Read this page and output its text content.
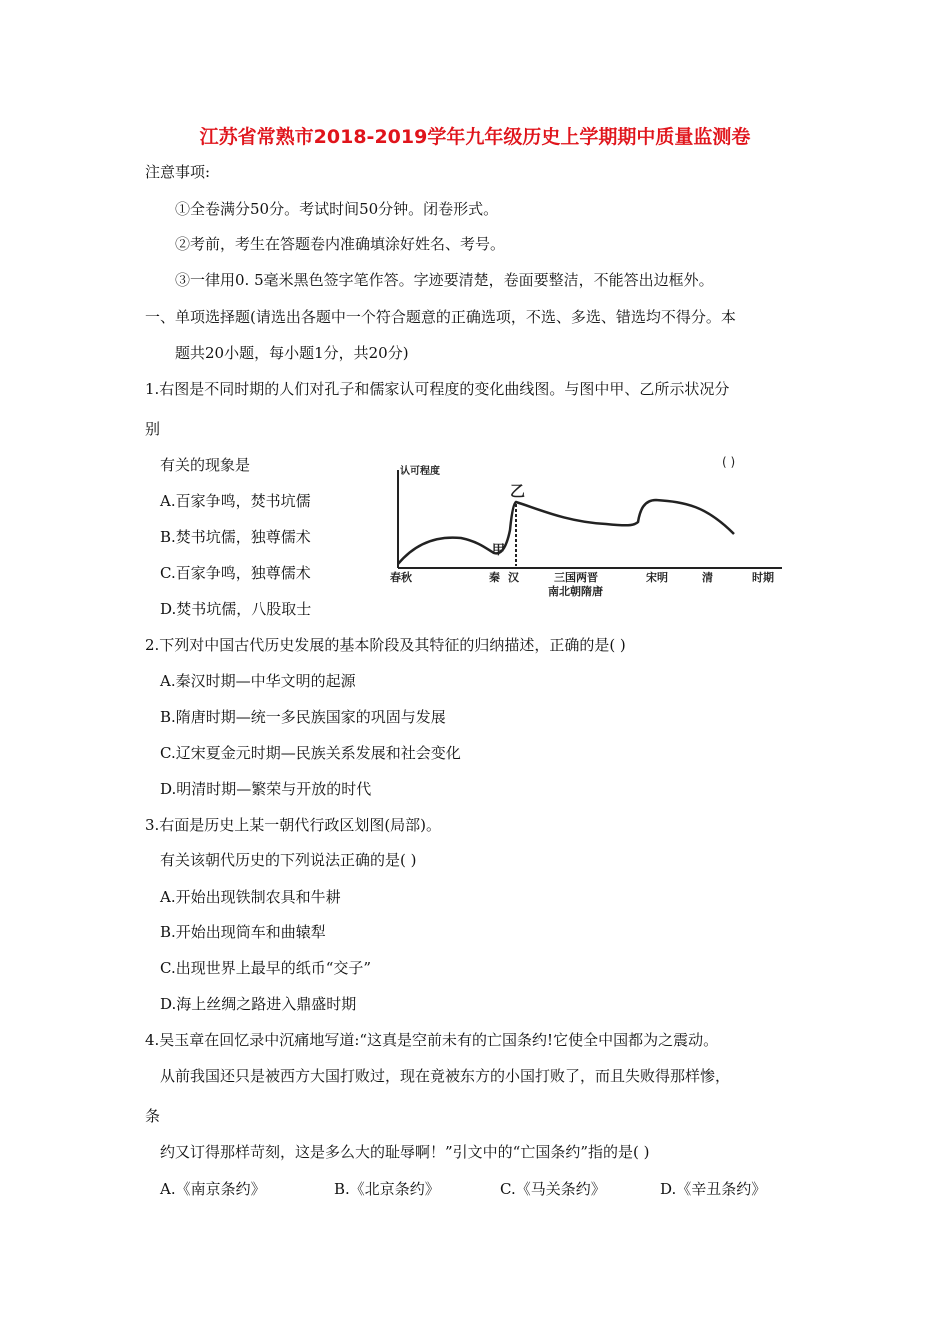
江苏省常熟市2018-2019学年九年级历史上学期期中质量监测卷
注意事项:
①全卷满分50分。考试时间50分钟。闭卷形式。
②考前，考生在答题卷内准确填涂好姓名、考号。
③一律用0. 5毫米黑色签字笔作答。字迹要清楚，卷面要整洁，不能答出边框外。
一、单项选择题(请选出各题中一个符合题意的正确选项，不选、多选、错选均不得分。本
题共20小题，每小题1分，共20分)
1.右图是不同时期的人们对孔子和儒家认可程度的变化曲线图。与图中甲、乙所示状况分
别
有关的现象是
A.百家争鸣，焚书坑儒
B.焚书坑儒，独尊儒术
C.百家争鸣，独尊儒术
D.焚书坑儒，八股取士
( )
认可程度
时期
甲
乙
春秋	秦 汉	三国两晋
南北朝隋唐
宋明	清
2.下列对中国古代历史发展的基本阶段及其特征的归纳描述，正确的是( )
A.秦汉时期—中华文明的起源
B.隋唐时期—统一多民族国家的巩固与发展
C.辽宋夏金元时期—民族关系发展和社会变化
D.明清时期—繁荣与开放的时代
3.右面是历史上某一朝代行政区划图(局部)。
有关该朝代历史的下列说法正确的是( )
A.开始出现铁制农具和牛耕
B.开始出现筒车和曲辕犁
C.出现世界上最早的纸币“交子”
D.海上丝绸之路进入鼎盛时期
4.吴玉章在回忆录中沉痛地写道:“这真是空前未有的亡国条约!它使全中国都为之震动。
从前我国还只是被西方大国打败过，现在竟被东方的小国打败了，而且失败得那样惨，
条
约又订得那样苛刻，这是多么大的耻辱啊！”引文中的“亡国条约”指的是( )
A.《南京条约》	B.《北京条约》	C.《马关条约》	D.《辛丑条约》
